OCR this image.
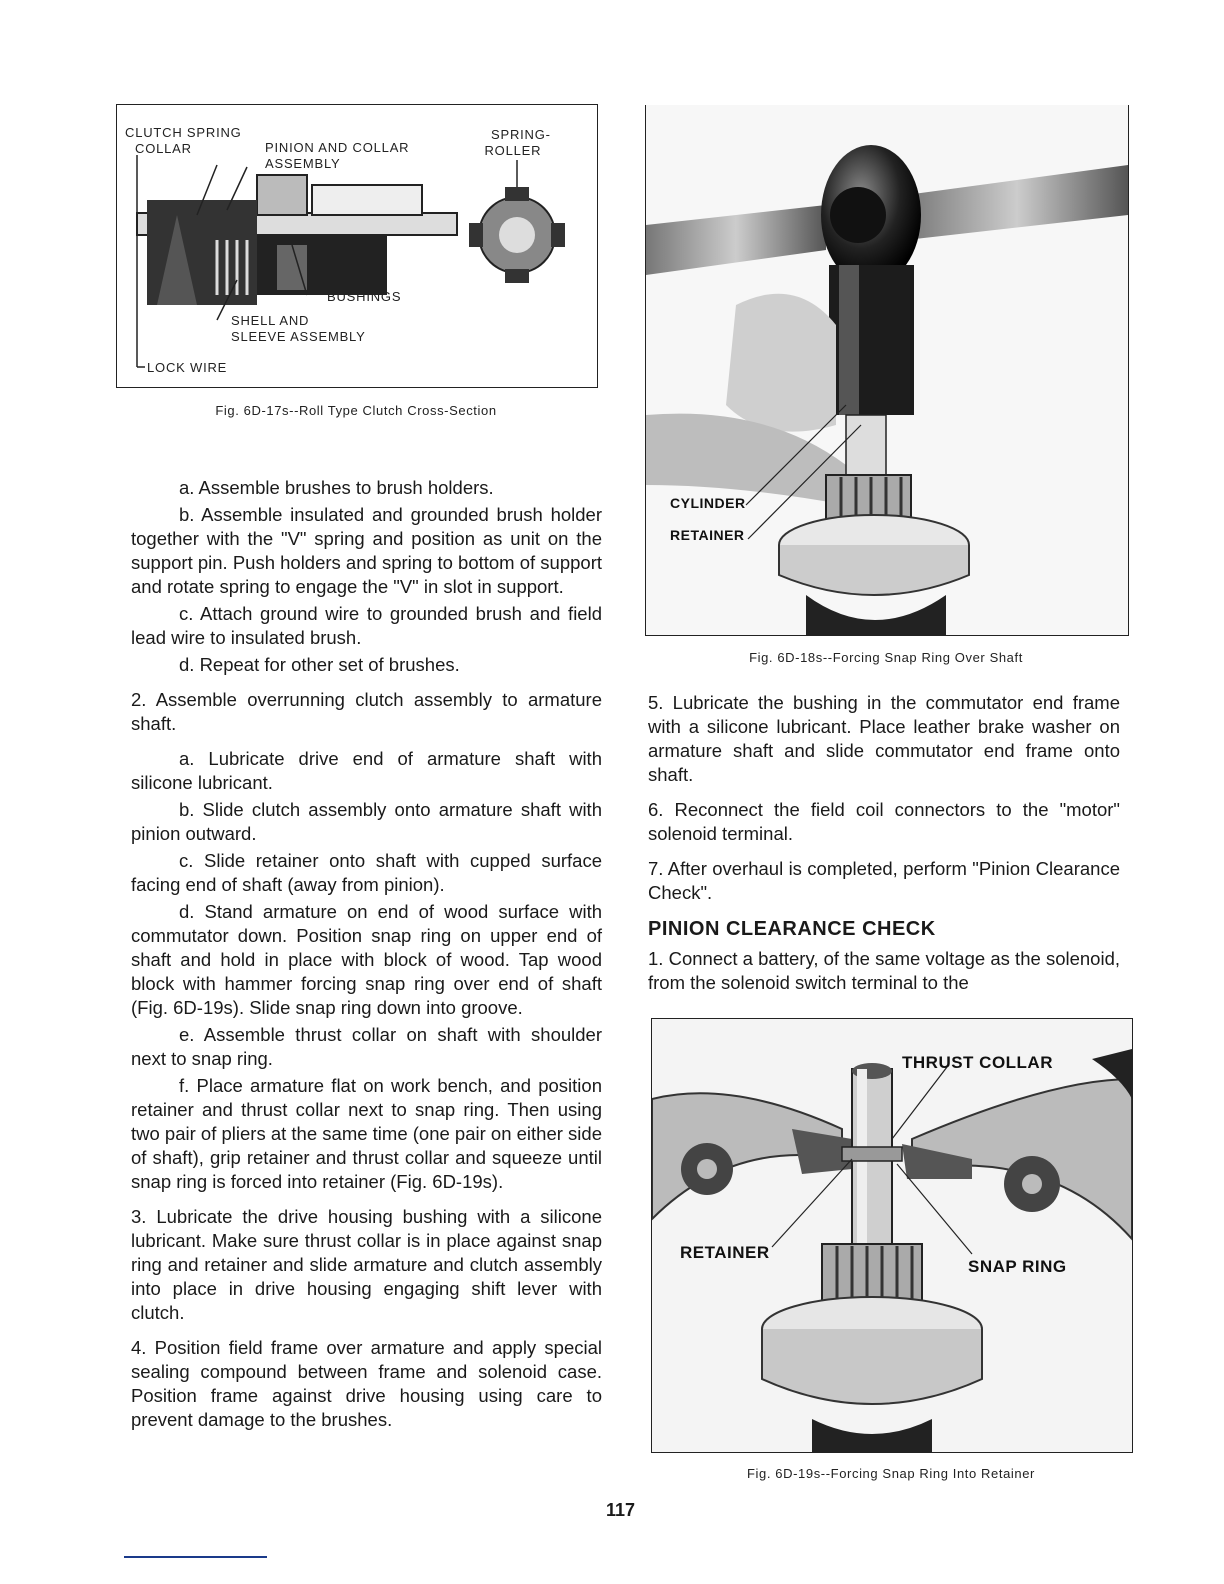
CLUTCH SPRING
COLLAR	PINION AND COLLAR
ASSEMBLY
SPRING-
ROLLER
BUSHINGS
SHELL AND
SLEEVE ASSEMBLY
LOCK WIRE
Fig. 6D-17s--Roll Type Clutch Cross-Section

a. Assemble brushes to brush holders.

b. Assemble insulated and grounded brush holder together with the "V" spring and position as unit on the support pin. Push holders and spring to bottom of support and rotate spring to engage the "V" in slot in support.

c. Attach ground wire to grounded brush and field lead wire to insulated brush.

d. Repeat for other set of brushes.

2. Assemble overrunning clutch assembly to armature shaft.

a. Lubricate drive end of armature shaft with silicone lubricant.

b. Slide clutch assembly onto armature shaft with pinion outward.

c. Slide retainer onto shaft with cupped surface facing end of shaft (away from pinion).

d. Stand armature on end of wood surface with commutator down. Position snap ring on upper end of shaft and hold in place with block of wood. Tap wood block with hammer forcing snap ring over end of shaft (Fig. 6D-19s). Slide snap ring down into groove.

e. Assemble thrust collar on shaft with shoulder next to snap ring.

f. Place armature flat on work bench, and position retainer and thrust collar next to snap ring. Then using two pair of pliers at the same time (one pair on either side of shaft), grip retainer and thrust collar and squeeze until snap ring is forced into retainer (Fig. 6D-19s).

3. Lubricate the drive housing bushing with a silicone lubricant. Make sure thrust collar is in place against snap ring and retainer and slide armature and clutch assembly into place in drive housing engaging shift lever with clutch.

4. Position field frame over armature and apply special sealing compound between frame and solenoid case. Position frame against drive housing using care to prevent damage to the brushes.

CYLINDER
RETAINER
Fig. 6D-18s--Forcing Snap Ring Over Shaft

5. Lubricate the bushing in the commutator end frame with a silicone lubricant. Place leather brake washer on armature shaft and slide commutator end frame onto shaft.

6. Reconnect the field coil connectors to the "motor" solenoid terminal.

7. After overhaul is completed, perform "Pinion Clearance Check".

PINION CLEARANCE CHECK

1. Connect a battery, of the same voltage as the solenoid, from the solenoid switch terminal to the

THRUST COLLAR
RETAINER
SNAP RING
Fig. 6D-19s--Forcing Snap Ring Into Retainer
117
